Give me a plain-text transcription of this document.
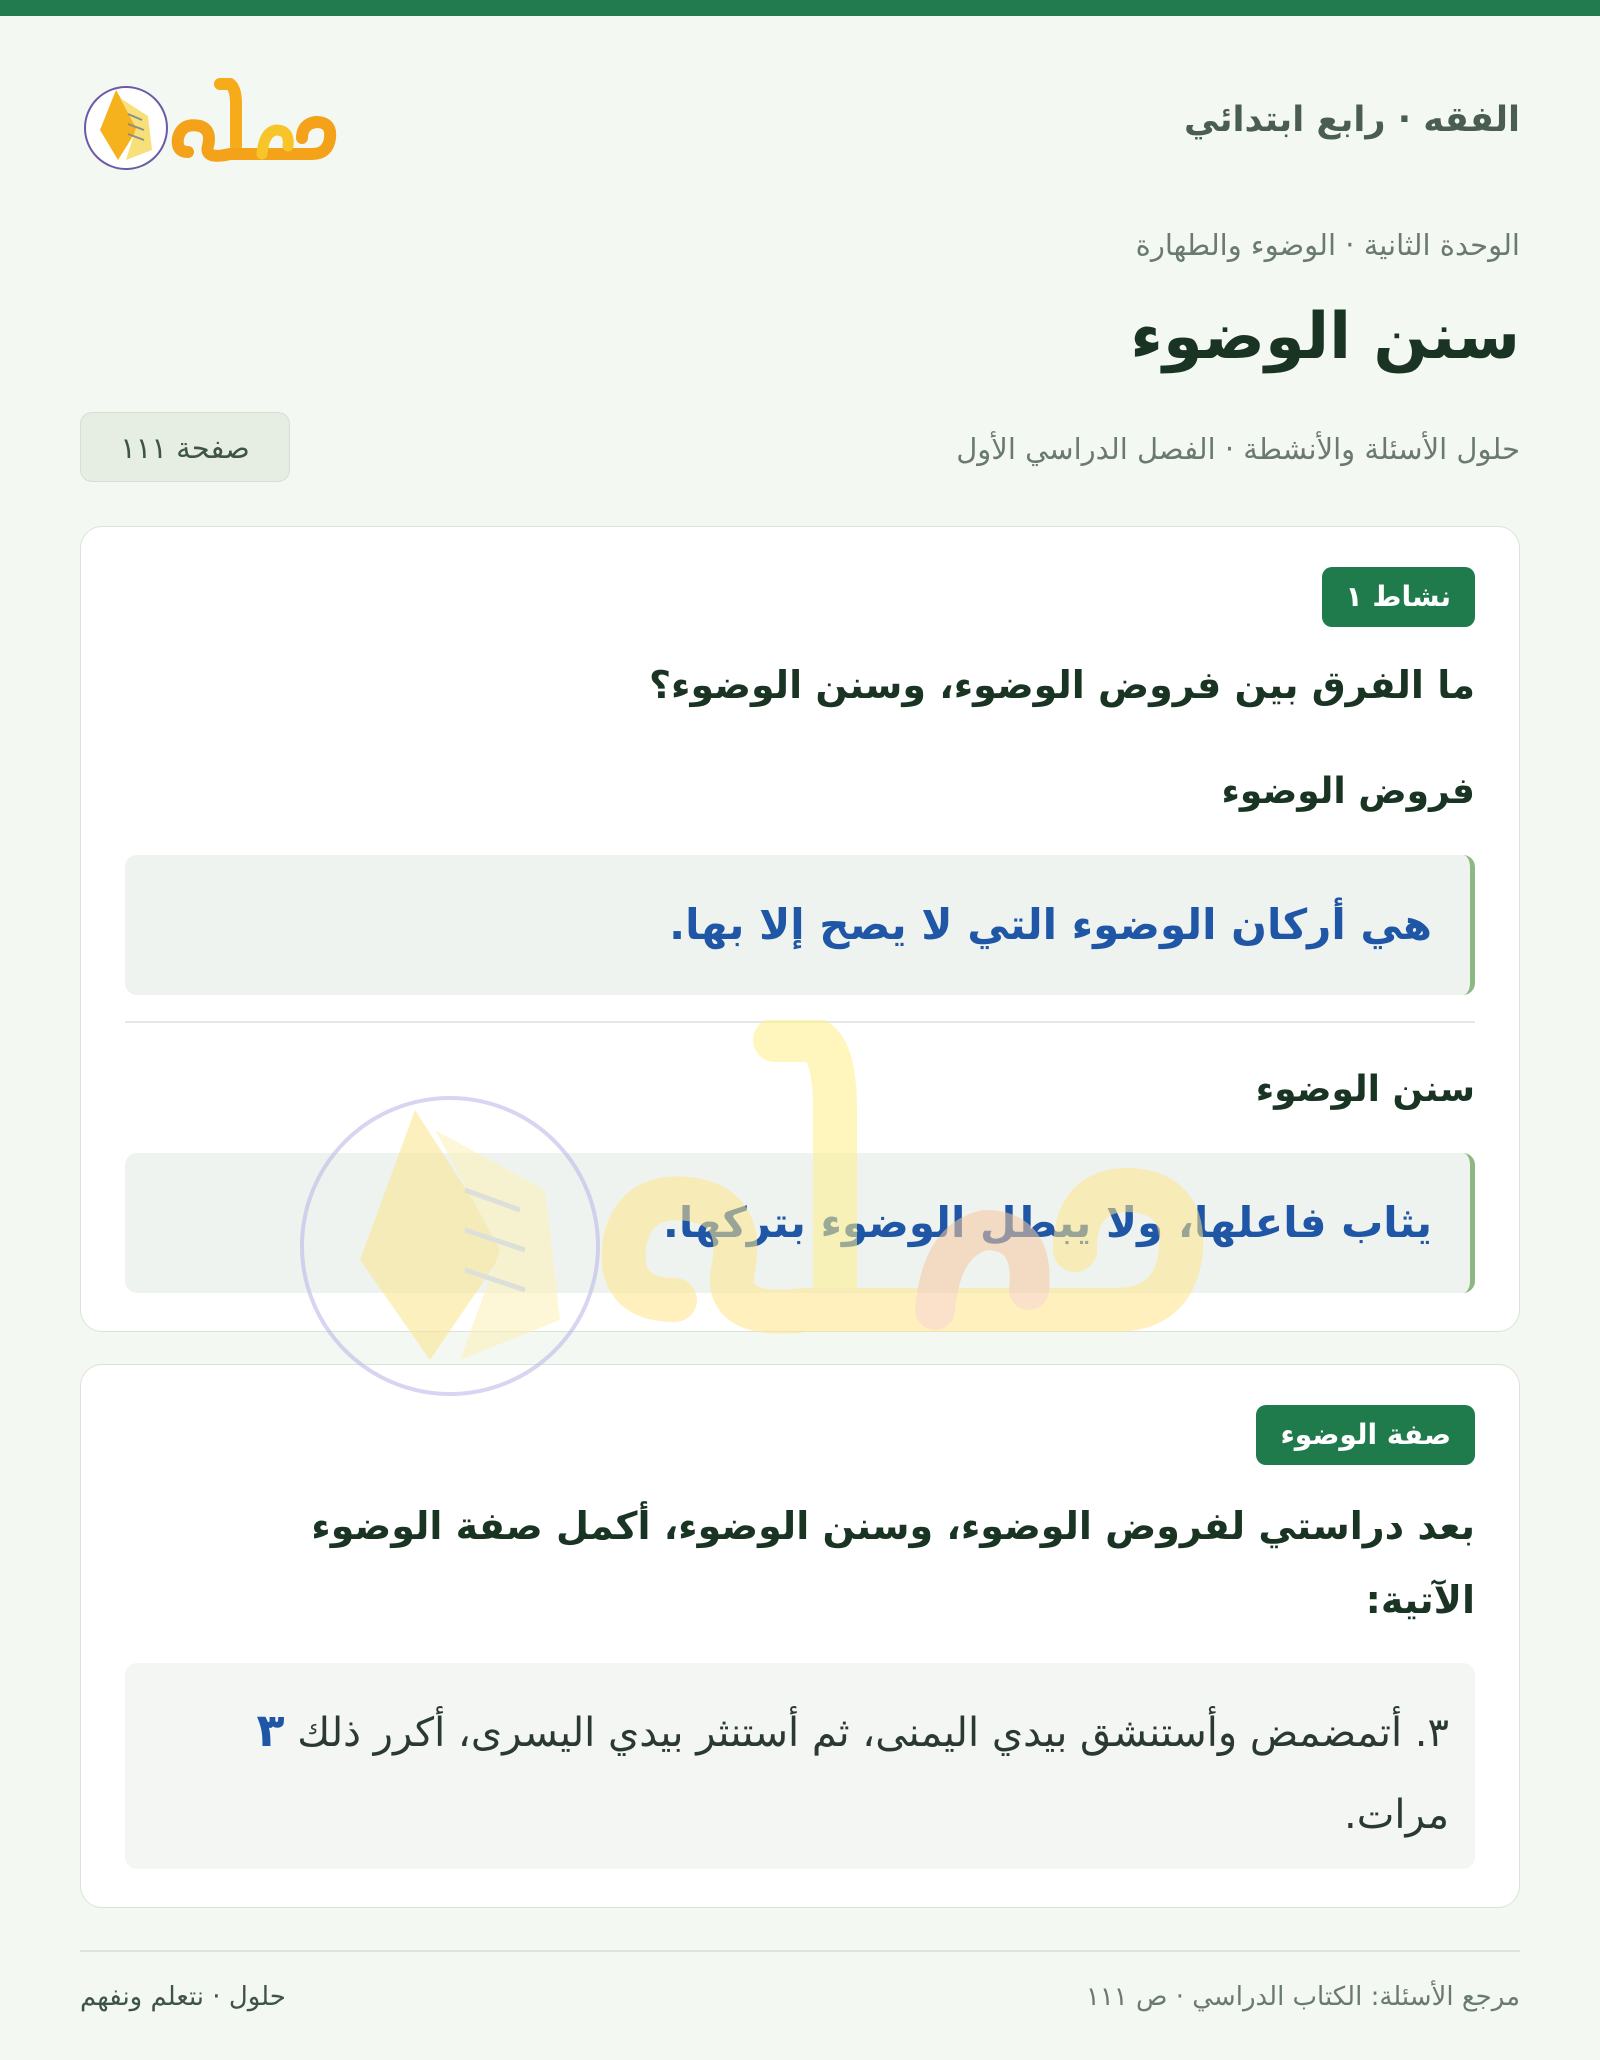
الفقه · رابع ابتدائي
الوحدة الثانية · الوضوء والطهارة
سنن الوضوء
حلول الأسئلة والأنشطة · الفصل الدراسي الأول
صفحة ١١١
نشاط ١
ما الفرق بين فروض الوضوء، وسنن الوضوء؟
فروض الوضوء
هي أركان الوضوء التي لا يصح إلا بها.
سنن الوضوء
يثاب فاعلها، ولا يبطل الوضوء بتركها.
صفة الوضوء
بعد دراستي لفروض الوضوء، وسنن الوضوء، أكمل صفة الوضوء الآتية:
٣. أتمضمض وأستنشق بيدي اليمنى، ثم أستنثر بيدي اليسرى، أكرر ذلك ٣ مرات.
حلول · نتعلم ونفهم	مرجع الأسئلة: الكتاب الدراسي · ص ١١١
